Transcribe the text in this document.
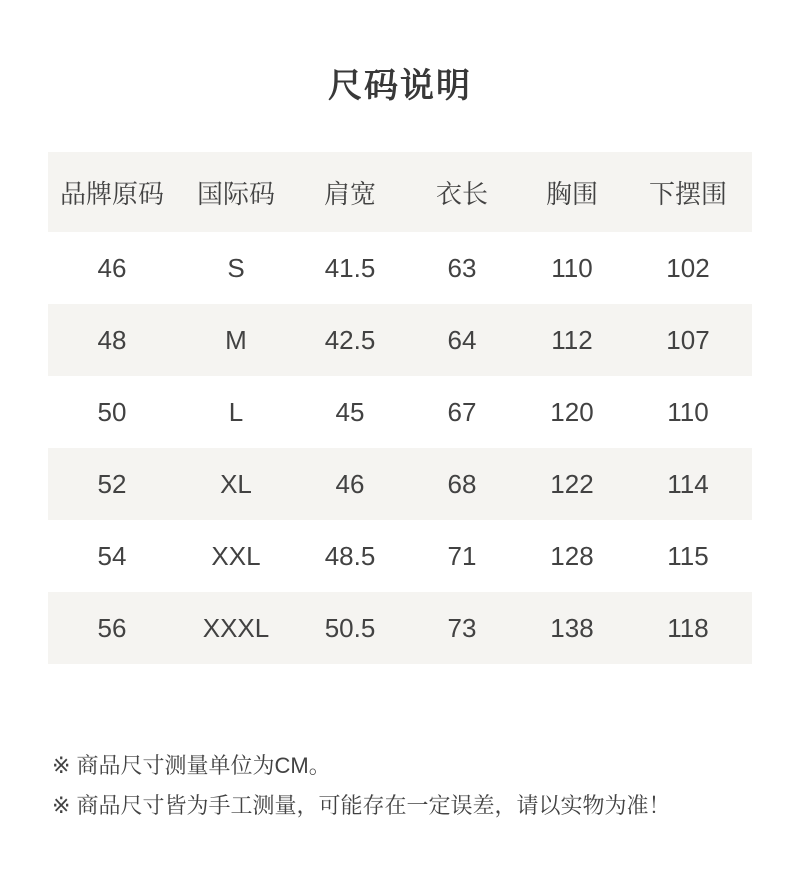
尺码说明
品牌原码	国际码	肩宽	衣长	胸围	下摆围
46	S	41.5	63	110	102
48	M	42.5	64	112	107
50	L	45	67	120	110
52	XL	46	68	122	114
54	XXL	48.5	71	128	115
56	XXXL	50.5	73	138	118

※ 商品尺寸测量单位为CM。

※ 商品尺寸皆为手工测量，可能存在一定误差，请以实物为准！
